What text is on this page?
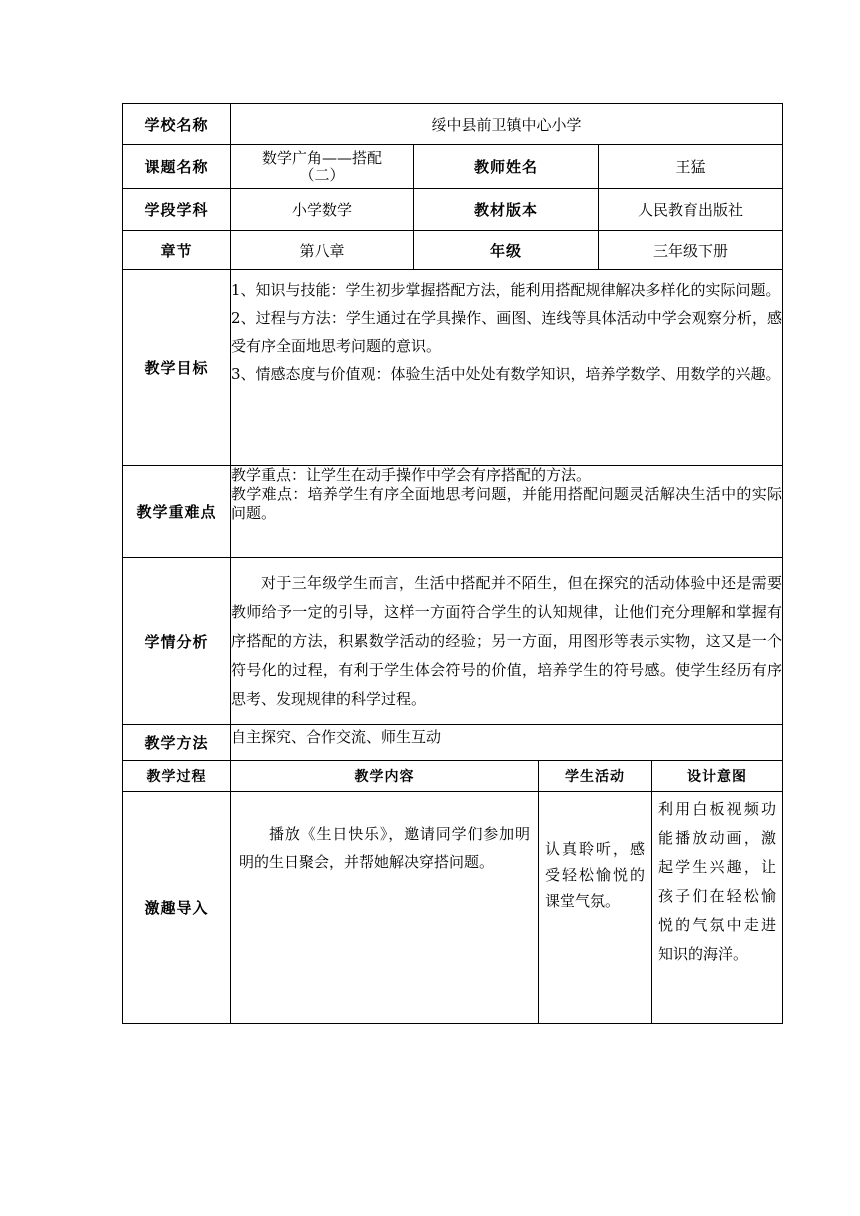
学校名称	绥中县前卫镇中心小学		
课题名称	数学广角——搭配（二）	教师姓名	王猛
学段学科	小学数学	教材版本	人民教育出版社
章节	第八章	年级	三年级下册
教学目标	1、知识与技能：学生初步掌握搭配方法，能利用搭配规律解决多样化的实际问题。

2、过程与方法：学生通过在学具操作、画图、连线等具体活动中学会观察分析，感受有序全面地思考问题的意识。

3、情感态度与价值观：体验生活中处处有数学知识，培养学数学、用数学的兴趣。		

教学重难点	教学重点：让学生在动手操作中学会有序搭配的方法。

教学难点：培养学生有序全面地思考问题，并能用搭配问题灵活解决生活中的实际问题。		

学情分析	对于三年级学生而言，生活中搭配并不陌生，但在探究的活动体验中还是需要教师给予一定的引导，这样一方面符合学生的认知规律，让他们充分理解和掌握有序搭配的方法，积累数学活动的经验；另一方面，用图形等表示实物，这又是一个符号化的过程，有利于学生体会符号的价值，培养学生的符号感。使学生经历有序思考、发现规律的科学过程。		
教学方法	自主探究、合作交流、师生互动		
教学过程	教学内容	学生活动	设计意图
激趣导入	播放《生日快乐》，邀请同学们参加明明的生日聚会，并帮她解决穿搭问题。	认真聆听，感受轻松愉悦的课堂气氛。	利用白板视频功能播放动画，激起学生兴趣，让孩子们在轻松愉悦的气氛中走进知识的海洋。
